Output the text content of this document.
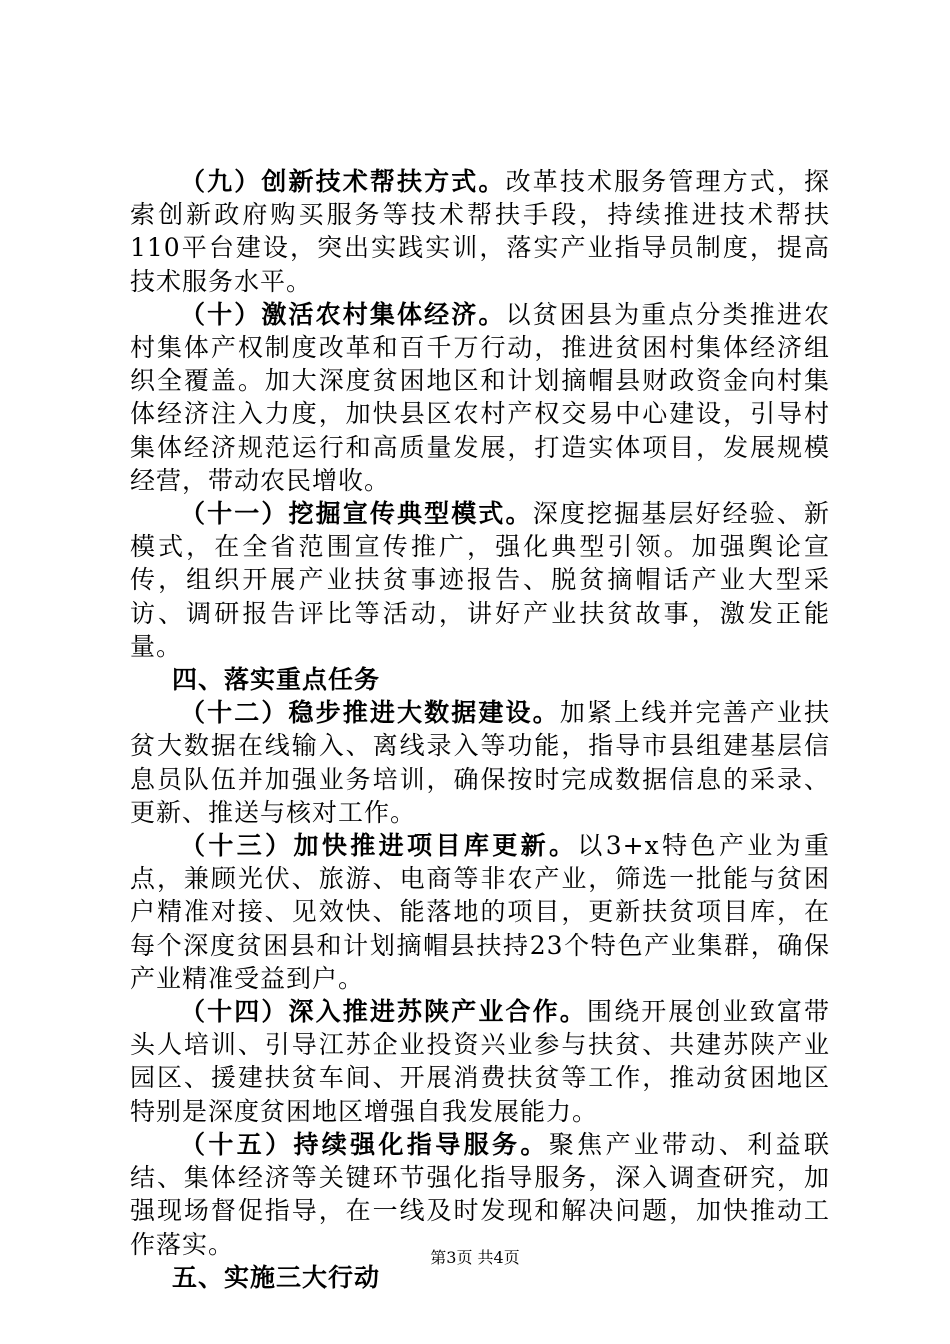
（九）创新技术帮扶方式。改革技术服务管理方式，探索创新政府购买服务等技术帮扶手段，持续推进技术帮扶110平台建设，突出实践实训，落实产业指导员制度，提高技术服务水平。

（十）激活农村集体经济。以贫困县为重点分类推进农村集体产权制度改革和百千万行动，推进贫困村集体经济组织全覆盖。加大深度贫困地区和计划摘帽县财政资金向村集体经济注入力度，加快县区农村产权交易中心建设，引导村集体经济规范运行和高质量发展，打造实体项目，发展规模经营，带动农民增收。

（十一）挖掘宣传典型模式。深度挖掘基层好经验、新模式，在全省范围宣传推广，强化典型引领。加强舆论宣传，组织开展产业扶贫事迹报告、脱贫摘帽话产业大型采访、调研报告评比等活动，讲好产业扶贫故事，激发正能量。

四、落实重点任务

（十二）稳步推进大数据建设。加紧上线并完善产业扶贫大数据在线输入、离线录入等功能，指导市县组建基层信息员队伍并加强业务培训，确保按时完成数据信息的采录、更新、推送与核对工作。

（十三）加快推进项目库更新。以3+x特色产业为重点，兼顾光伏、旅游、电商等非农产业，筛选一批能与贫困户精准对接、见效快、能落地的项目，更新扶贫项目库，在每个深度贫困县和计划摘帽县扶持23个特色产业集群，确保产业精准受益到户。

（十四）深入推进苏陕产业合作。围绕开展创业致富带头人培训、引导江苏企业投资兴业参与扶贫、共建苏陕产业园区、援建扶贫车间、开展消费扶贫等工作，推动贫困地区特别是深度贫困地区增强自我发展能力。

（十五）持续强化指导服务。聚焦产业带动、利益联结、集体经济等关键环节强化指导服务，深入调查研究，加强现场督促指导，在一线及时发现和解决问题，加快推动工作落实。

五、实施三大行动

第3页 共4页
